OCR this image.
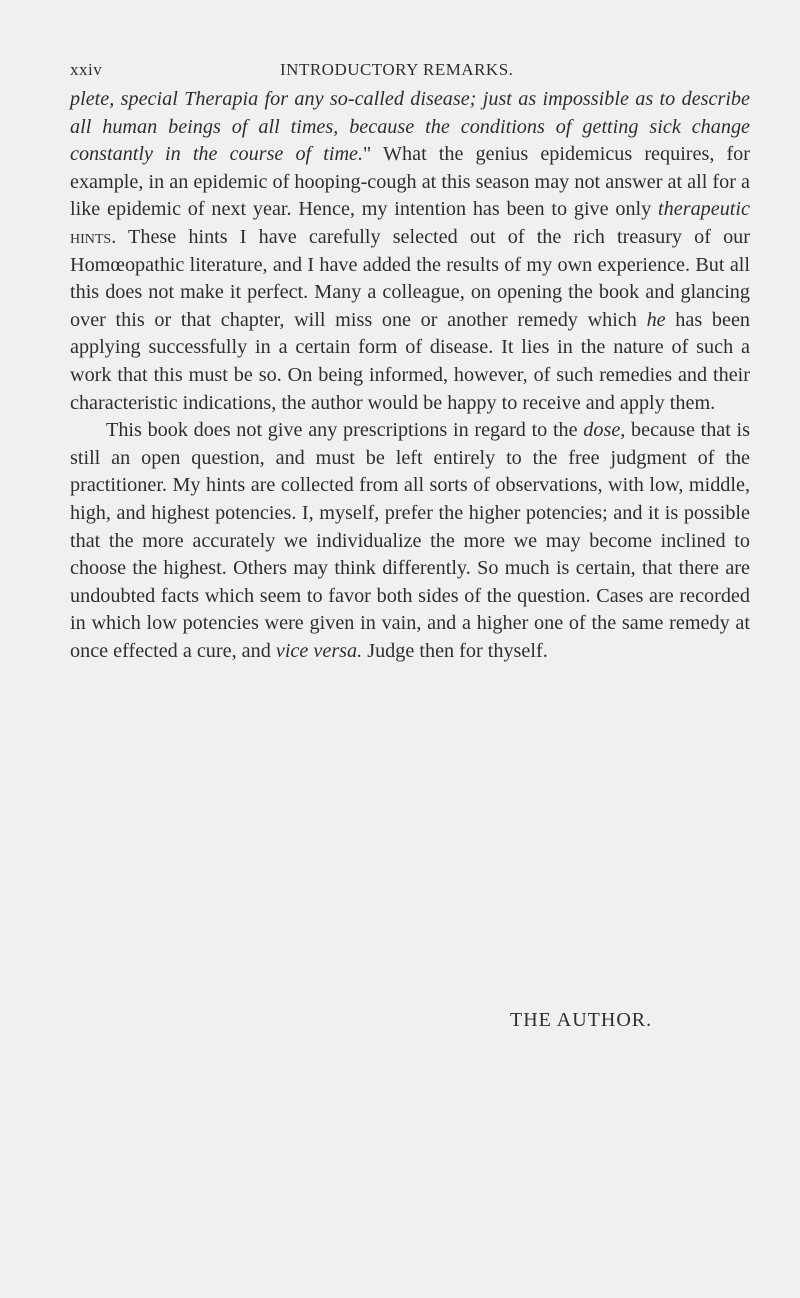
xxiv	INTRODUCTORY REMARKS.

plete, special Therapia for any so-called disease; just as impossible as to describe all human beings of all times, because the conditions of getting sick change constantly in the course of time." What the genius epidemicus requires, for example, in an epidemic of hooping-cough at this season may not answer at all for a like epidemic of next year. Hence, my intention has been to give only therapeutic hints. These hints I have carefully selected out of the rich treasury of our Homœopathic literature, and I have added the results of my own experience. But all this does not make it perfect. Many a colleague, on opening the book and glancing over this or that chapter, will miss one or another remedy which he has been applying successfully in a certain form of disease. It lies in the nature of such a work that this must be so. On being informed, however, of such remedies and their characteristic indications, the author would be happy to receive and apply them.

This book does not give any prescriptions in regard to the dose, because that is still an open question, and must be left entirely to the free judgment of the practitioner. My hints are collected from all sorts of observations, with low, middle, high, and highest potencies. I, myself, prefer the higher potencies; and it is possible that the more accurately we individualize the more we may become inclined to choose the highest. Others may think differently. So much is certain, that there are undoubted facts which seem to favor both sides of the question. Cases are recorded in which low potencies were given in vain, and a higher one of the same remedy at once effected a cure, and vice versa. Judge then for thyself.

THE AUTHOR.
